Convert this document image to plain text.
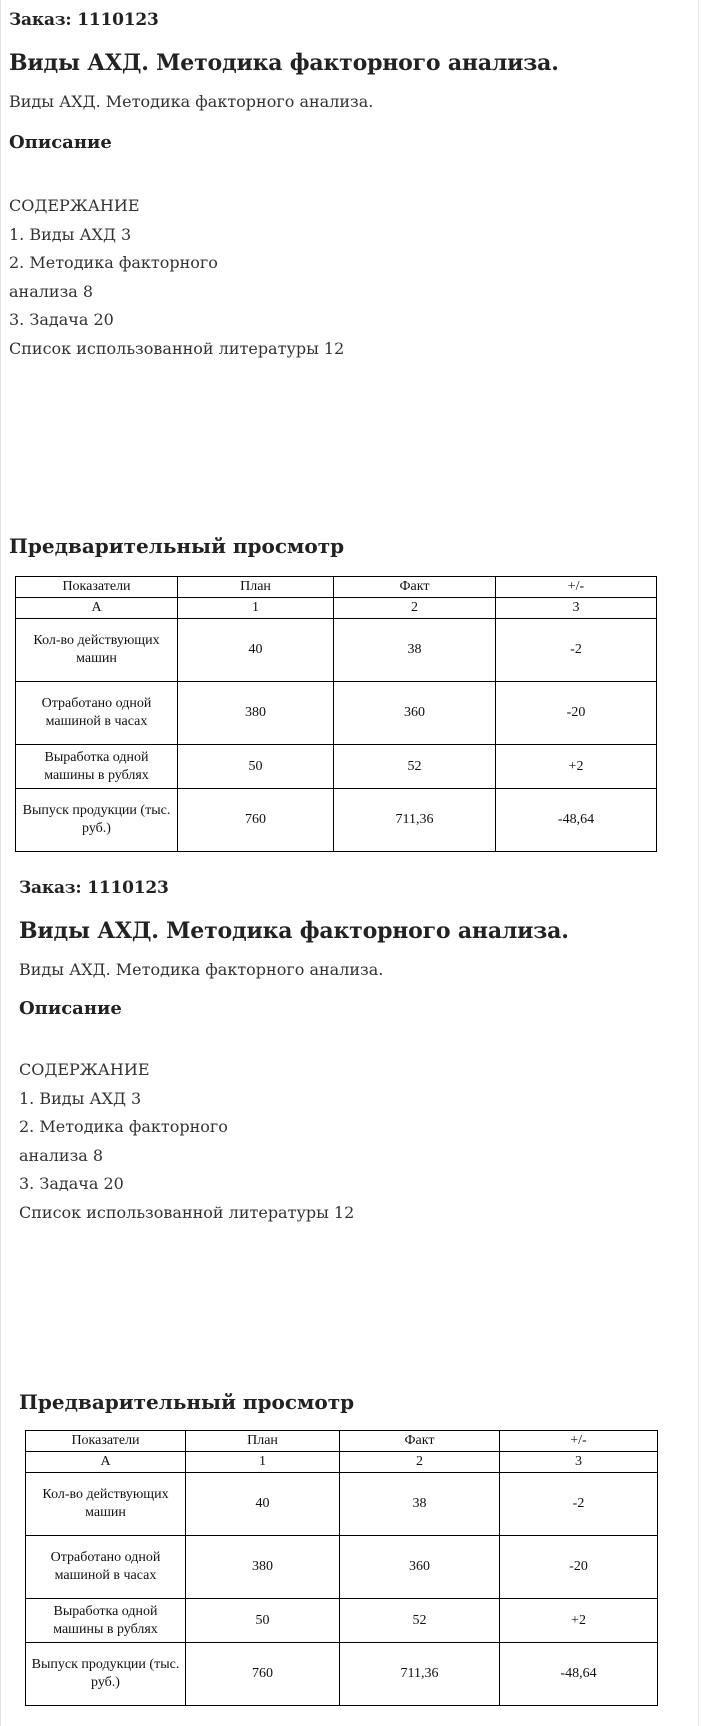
Заказ: 1110123
Виды АХД. Методика факторного анализа.
Виды АХД. Методика факторного анализа.
Описание
СОДЕРЖАНИЕ
1. Виды АХД 3
2. Методика факторного
анализа 8
3. Задача 20
Список использованной литературы 12
Предварительный просмотр
Показатели	План	Факт	+/-
А	1	2	3
Кол-во действующих машин	40	38	-2
Отработано одной машиной в часах	380	360	-20
Выработка одной машины в рублях	50	52	+2
Выпуск продукции (тыс. руб.)	760	711,36	-48,64
Заказ: 1110123
Виды АХД. Методика факторного анализа.
Виды АХД. Методика факторного анализа.
Описание
СОДЕРЖАНИЕ
1. Виды АХД 3
2. Методика факторного
анализа 8
3. Задача 20
Список использованной литературы 12
Предварительный просмотр
Показатели	План	Факт	+/-
А	1	2	3
Кол-во действующих машин	40	38	-2
Отработано одной машиной в часах	380	360	-20
Выработка одной машины в рублях	50	52	+2
Выпуск продукции (тыс. руб.)	760	711,36	-48,64
